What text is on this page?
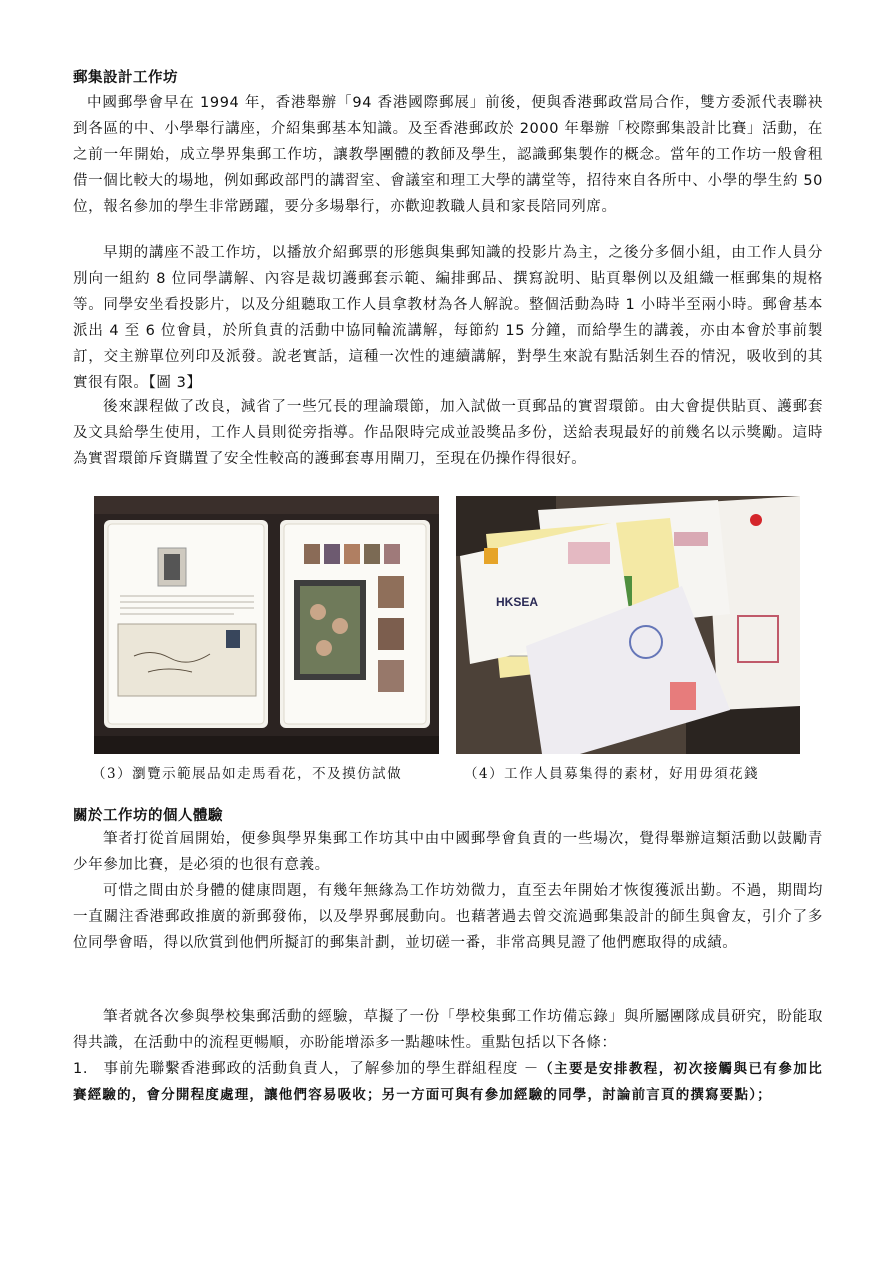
郵集設計工作坊
中國郵學會早在 1994 年，香港舉辦「94 香港國際郵展」前後，便與香港郵政當局合作，雙方委派代表聯袂到各區的中、小學舉行講座，介紹集郵基本知識。及至香港郵政於 2000 年舉辦「校際郵集設計比賽」活動，在之前一年開始，成立學界集郵工作坊，讓教學團體的教師及學生，認識郵集製作的概念。當年的工作坊一般會租借一個比較大的場地，例如郵政部門的講習室、會議室和理工大學的講堂等，招待來自各所中、小學的學生約 50 位，報名參加的學生非常踴躍，要分多場舉行，亦歡迎教職人員和家長陪同列席。
早期的講座不設工作坊，以播放介紹郵票的形態與集郵知識的投影片為主，之後分多個小組，由工作人員分別向一組約 8 位同學講解、內容是裁切護郵套示範、編排郵品、撰寫說明、貼頁舉例以及組織一框郵集的規格等。同學安坐看投影片，以及分組聽取工作人員拿教材為各人解說。整個活動為時 1 小時半至兩小時。郵會基本派出 4 至 6 位會員，於所負責的活動中協同輪流講解，每節約 15 分鐘，而給學生的講義，亦由本會於事前製訂，交主辦單位列印及派發。說老實話，這種一次性的連續講解，對學生來說有點活剝生吞的情況，吸收到的其實很有限。【圖 3】
後來課程做了改良，減省了一些冗長的理論環節，加入試做一頁郵品的實習環節。由大會提供貼頁、護郵套及文具給學生使用，工作人員則從旁指導。作品限時完成並設獎品多份，送給表現最好的前幾名以示獎勵。這時為實習環節斥資購置了安全性較高的護郵套專用閘刀，至現在仍操作得很好。
HKSEA
（3）瀏覽示範展品如走馬看花，不及摸仿試做	（4）工作人員募集得的素材，好用毋須花錢
關於工作坊的個人體驗
筆者打從首屆開始，便參與學界集郵工作坊其中由中國郵學會負責的一些場次，覺得舉辦這類活動以鼓勵青少年參加比賽，是必須的也很有意義。
可惜之間由於身體的健康問題，有幾年無緣為工作坊効微力，直至去年開始才恢復獲派出勤。不過，期間均一直關注香港郵政推廣的新郵發佈，以及學界郵展動向。也藉著過去曾交流過郵集設計的師生與會友，引介了多位同學會晤，得以欣賞到他們所擬訂的郵集計劃，並切磋一番，非常高興見證了他們應取得的成績。
筆者就各次參與學校集郵活動的經驗，草擬了一份「學校集郵工作坊備忘錄」與所屬團隊成員研究，盼能取得共識，在活動中的流程更暢順，亦盼能增添多一點趣味性。重點包括以下各條：
1.　事前先聯繫香港郵政的活動負責人，了解參加的學生群組程度 －（主要是安排教程，初次接觸與已有參加比賽經驗的，會分開程度處理，讓他們容易吸收；另一方面可與有參加經驗的同學，討論前言頁的撰寫要點）；
